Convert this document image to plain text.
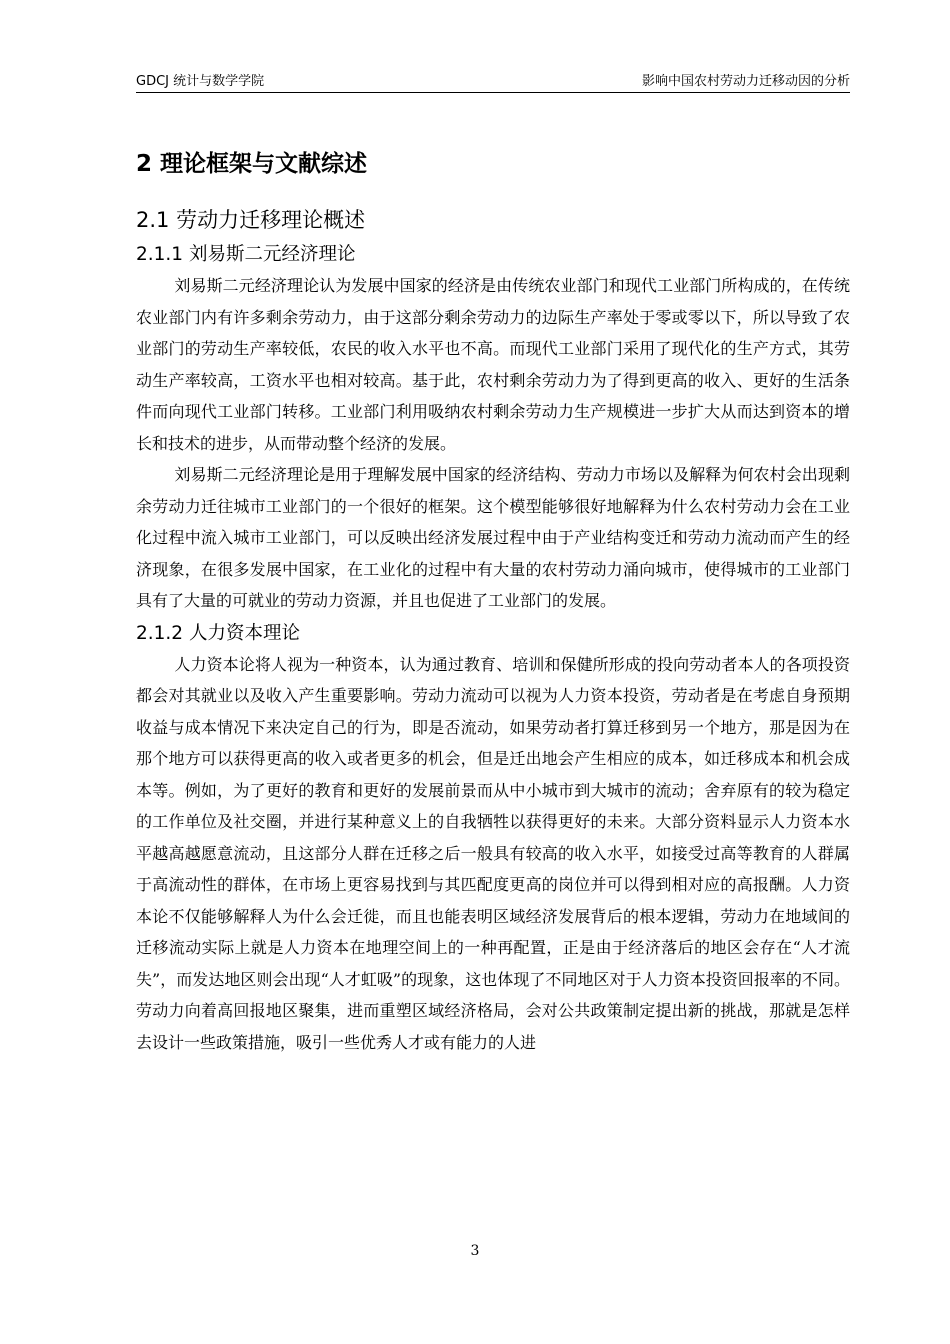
GDCJ 统计与数学学院	影响中国农村劳动力迁移动因的分析
2 理论框架与文献综述
2.1 劳动力迁移理论概述
2.1.1 刘易斯二元经济理论

刘易斯二元经济理论认为发展中国家的经济是由传统农业部门和现代工业部门所构成的，在传统农业部门内有许多剩余劳动力，由于这部分剩余劳动力的边际生产率处于零或零以下，所以导致了农业部门的劳动生产率较低，农民的收入水平也不高。而现代工业部门采用了现代化的生产方式，其劳动生产率较高，工资水平也相对较高。基于此，农村剩余劳动力为了得到更高的收入、更好的生活条件而向现代工业部门转移。工业部门利用吸纳农村剩余劳动力生产规模进一步扩大从而达到资本的增长和技术的进步，从而带动整个经济的发展。

刘易斯二元经济理论是用于理解发展中国家的经济结构、劳动力市场以及解释为何农村会出现剩余劳动力迁往城市工业部门的一个很好的框架。这个模型能够很好地解释为什么农村劳动力会在工业化过程中流入城市工业部门，可以反映出经济发展过程中由于产业结构变迁和劳动力流动而产生的经济现象，在很多发展中国家，在工业化的过程中有大量的农村劳动力涌向城市，使得城市的工业部门具有了大量的可就业的劳动力资源，并且也促进了工业部门的发展。

2.1.2 人力资本理论

人力资本论将人视为一种资本，认为通过教育、培训和保健所形成的投向劳动者本人的各项投资都会对其就业以及收入产生重要影响。劳动力流动可以视为人力资本投资，劳动者是在考虑自身预期收益与成本情况下来决定自己的行为，即是否流动，如果劳动者打算迁移到另一个地方，那是因为在那个地方可以获得更高的收入或者更多的机会，但是迁出地会产生相应的成本，如迁移成本和机会成本等。例如，为了更好的教育和更好的发展前景而从中小城市到大城市的流动；舍弃原有的较为稳定的工作单位及社交圈，并进行某种意义上的自我牺牲以获得更好的未来。大部分资料显示人力资本水平越高越愿意流动，且这部分人群在迁移之后一般具有较高的收入水平，如接受过高等教育的人群属于高流动性的群体，在市场上更容易找到与其匹配度更高的岗位并可以得到相对应的高报酬。人力资本论不仅能够解释人为什么会迁徙，而且也能表明区域经济发展背后的根本逻辑，劳动力在地域间的迁移流动实际上就是人力资本在地理空间上的一种再配置，正是由于经济落后的地区会存在“人才流失”，而发达地区则会出现“人才虹吸”的现象，这也体现了不同地区对于人力资本投资回报率的不同。劳动力向着高回报地区聚集，进而重塑区域经济格局，会对公共政策制定提出新的挑战，那就是怎样去设计一些政策措施，吸引一些优秀人才或有能力的人进

3
